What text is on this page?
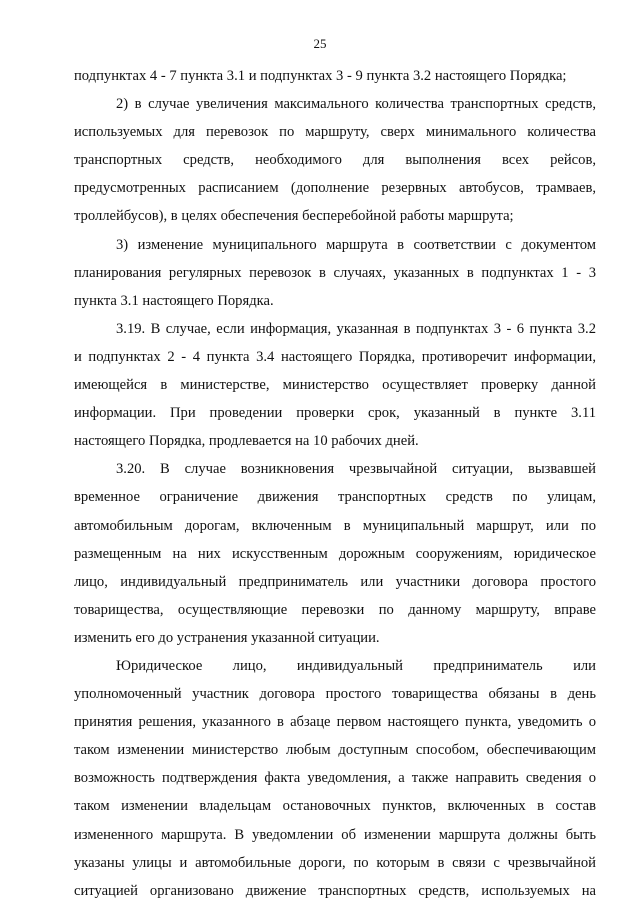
25
подпунктах 4 - 7 пункта 3.1 и подпунктах 3 - 9 пункта 3.2 настоящего Порядка;
2) в случае увеличения максимального количества транспортных средств,
используемых для перевозок по маршруту, сверх минимального количества
транспортных средств, необходимого для выполнения всех рейсов,
предусмотренных расписанием (дополнение резервных автобусов, трамваев,
троллейбусов), в целях обеспечения бесперебойной работы маршрута;
3) изменение муниципального маршрута в соответствии с документом
планирования регулярных перевозок в случаях, указанных в подпунктах 1 - 3
пункта 3.1 настоящего Порядка.
3.19. В случае, если информация, указанная в подпунктах 3 - 6 пункта 3.2
и подпунктах 2 - 4 пункта 3.4 настоящего Порядка, противоречит информации,
имеющейся в министерстве, министерство осуществляет проверку данной
информации. При проведении проверки срок, указанный в пункте 3.11
настоящего Порядка, продлевается на 10 рабочих дней.
3.20. В случае возникновения чрезвычайной ситуации, вызвавшей
временное ограничение движения транспортных средств по улицам,
автомобильным дорогам, включенным в муниципальный маршрут, или по
размещенным на них искусственным дорожным сооружениям, юридическое
лицо, индивидуальный предприниматель или участники договора простого
товарищества, осуществляющие перевозки по данному маршруту, вправе
изменить его до устранения указанной ситуации.
Юридическое лицо, индивидуальный предприниматель или
уполномоченный участник договора простого товарищества обязаны в день
принятия решения, указанного в абзаце первом настоящего пункта, уведомить о
таком изменении министерство любым доступным способом, обеспечивающим
возможность подтверждения факта уведомления, а также направить сведения о
таком изменении владельцам остановочных пунктов, включенных в состав
измененного маршрута. В уведомлении об изменении маршрута должны быть
указаны улицы и автомобильные дороги, по которым в связи с чрезвычайной
ситуацией организовано движение транспортных средств, используемых на
